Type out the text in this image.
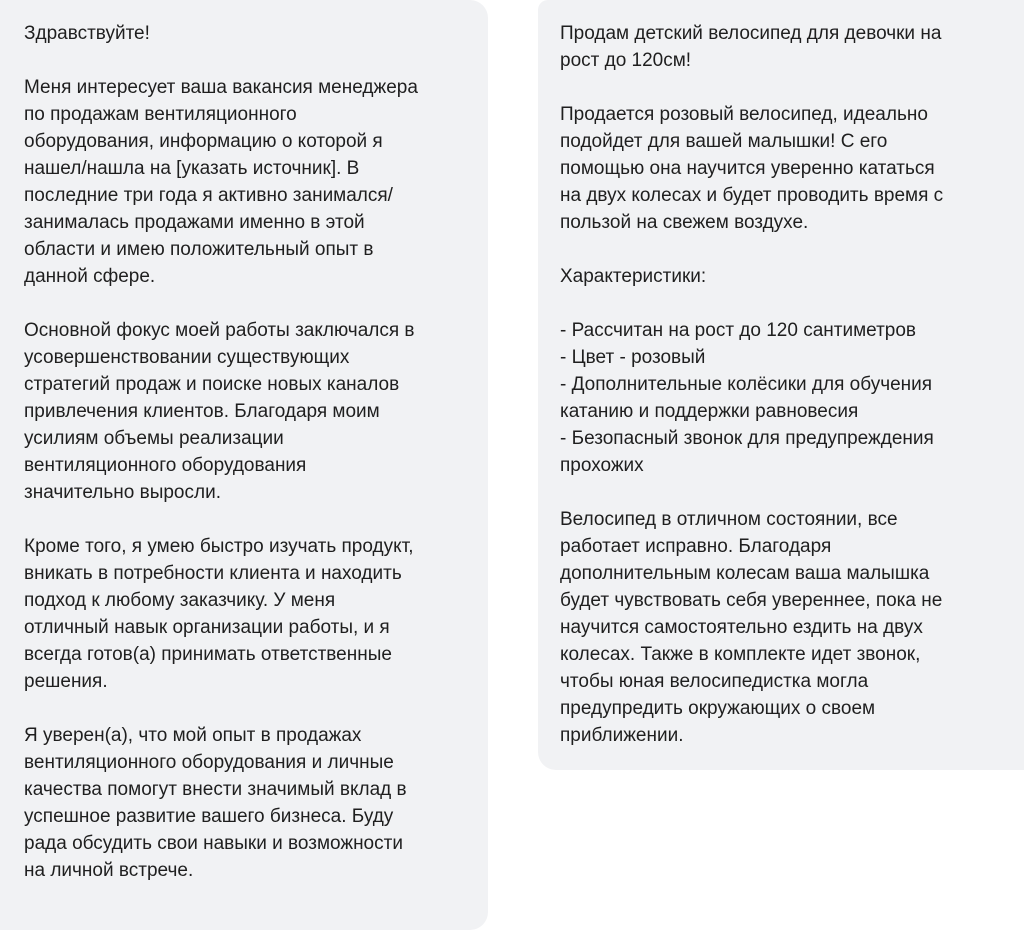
Здравствуйте!

Меня интересует ваша вакансия менеджера
по продажам вентиляционного
оборудования, информацию о которой я
нашел/нашла на [указать источник]. В
последние три года я активно занимался/
занималась продажами именно в этой
области и имею положительный опыт в
данной сфере.

Основной фокус моей работы заключался в
усовершенствовании существующих
стратегий продаж и поиске новых каналов
привлечения клиентов. Благодаря моим
усилиям объемы реализации
вентиляционного оборудования
значительно выросли.

Кроме того, я умею быстро изучать продукт,
вникать в потребности клиента и находить
подход к любому заказчику. У меня
отличный навык организации работы, и я
всегда готов(а) принимать ответственные
решения.

Я уверен(а), что мой опыт в продажах
вентиляционного оборудования и личные
качества помогут внести значимый вклад в
успешное развитие вашего бизнеса. Буду
рада обсудить свои навыки и возможности
на личной встрече.

Продам детский велосипед для девочки на
рост до 120см!

Продается розовый велосипед, идеально
подойдет для вашей малышки! С его
помощью она научится уверенно кататься
на двух колесах и будет проводить время с
пользой на свежем воздухе.

Характеристики:

- Рассчитан на рост до 120 сантиметров
- Цвет - розовый
- Дополнительные колёсики для обучения
катанию и поддержки равновесия
- Безопасный звонок для предупреждения
прохожих

Велосипед в отличном состоянии, все
работает исправно. Благодаря
дополнительным колесам ваша малышка
будет чувствовать себя увереннее, пока не
научится самостоятельно ездить на двух
колесах. Также в комплекте идет звонок,
чтобы юная велосипедистка могла
предупредить окружающих о своем
приближении.
